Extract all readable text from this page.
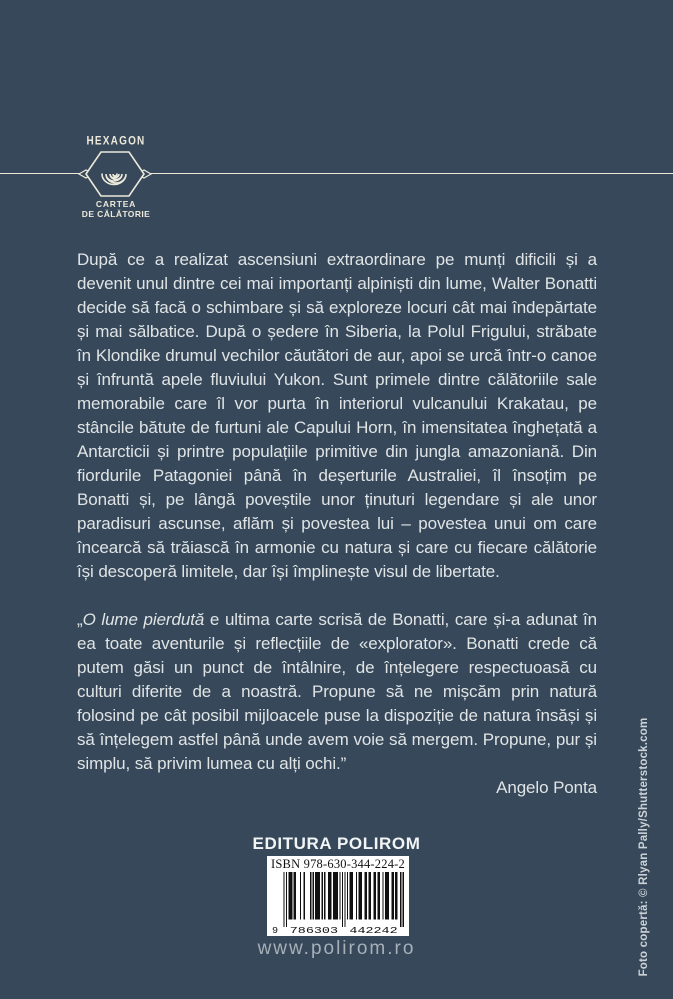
HEXAGON
CARTEA
DE CĂLĂTORIE

După ce a realizat ascensiuni extraordinare pe munți dificili și a devenit unul dintre cei mai importanți alpiniști din lume, Walter Bonatti decide să facă o schimbare și să exploreze locuri cât mai îndepărtate și mai sălbatice. După o ședere în Siberia, la Polul Frigului, străbate în Klondike drumul vechilor căutători de aur, apoi se urcă într-o canoe și înfruntă apele fluviului Yukon. Sunt primele dintre călătoriile sale memorabile care îl vor purta în interiorul vulcanului Krakatau, pe stâncile bătute de furtuni ale Capului Horn, în imensitatea înghețată a Antarcticii și printre populațiile primitive din jungla amazoniană. Din fiordurile Patagoniei până în deșerturile Australiei, îl însoțim pe Bonatti și, pe lângă poveștile unor ținuturi legendare și ale unor paradisuri ascunse, aflăm și povestea lui – povestea unui om care încearcă să trăiască în armonie cu natura și care cu fiecare călătorie își descoperă limitele, dar își împlinește visul de libertate.

„O lume pierdută e ultima carte scrisă de Bonatti, care și-a adunat în ea toate aventurile și reflecțiile de «explorator». Bonatti crede că putem găsi un punct de întâlnire, de înțelegere respectuoasă cu culturi diferite de a noastră. Propune să ne mișcăm prin natură folosind pe cât posibil mijloacele puse la dispoziție de natura însăși și să înțelegem astfel până unde avem voie să mergem. Propune, pur și simplu, să privim lumea cu alți ochi.”

Angelo Ponta

EDITURA POLIROM
ISBN 978-630-344-224-2
9 786303 442242
www.polirom.ro	Foto copertă: © Rlyan Pally/Shutterstock.com
